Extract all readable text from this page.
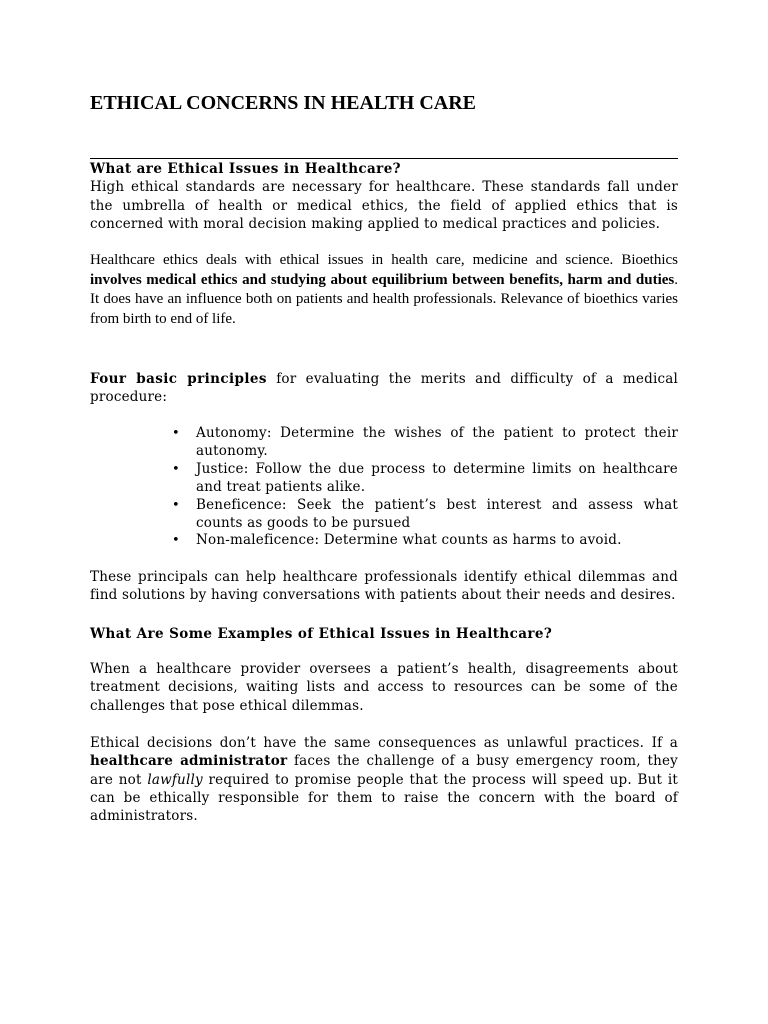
ETHICAL CONCERNS IN HEALTH CARE

What are Ethical Issues in Healthcare?

High ethical standards are necessary for healthcare. These standards fall under the umbrella of health or medical ethics, the field of applied ethics that is concerned with moral decision making applied to medical practices and policies.

Healthcare ethics deals with ethical issues in health care, medicine and science. Bioethics involves medical ethics and studying about equilibrium between benefits, harm and duties. It does have an influence both on patients and health professionals. Relevance of bioethics varies from birth to end of life.

Four basic principles for evaluating the merits and difficulty of a medical procedure:

• Autonomy: Determine the wishes of the patient to protect their autonomy.
• Justice: Follow the due process to determine limits on healthcare and treat patients alike.
• Beneficence: Seek the patient’s best interest and assess what counts as goods to be pursued
• Non-maleficence: Determine what counts as harms to avoid.

These principals can help healthcare professionals identify ethical dilemmas and find solutions by having conversations with patients about their needs and desires.

What Are Some Examples of Ethical Issues in Healthcare?

When a healthcare provider oversees a patient’s health, disagreements about treatment decisions, waiting lists and access to resources can be some of the challenges that pose ethical dilemmas.

Ethical decisions don’t have the same consequences as unlawful practices. If a healthcare administrator faces the challenge of a busy emergency room, they are not lawfully required to promise people that the process will speed up. But it can be ethically responsible for them to raise the concern with the board of administrators.
